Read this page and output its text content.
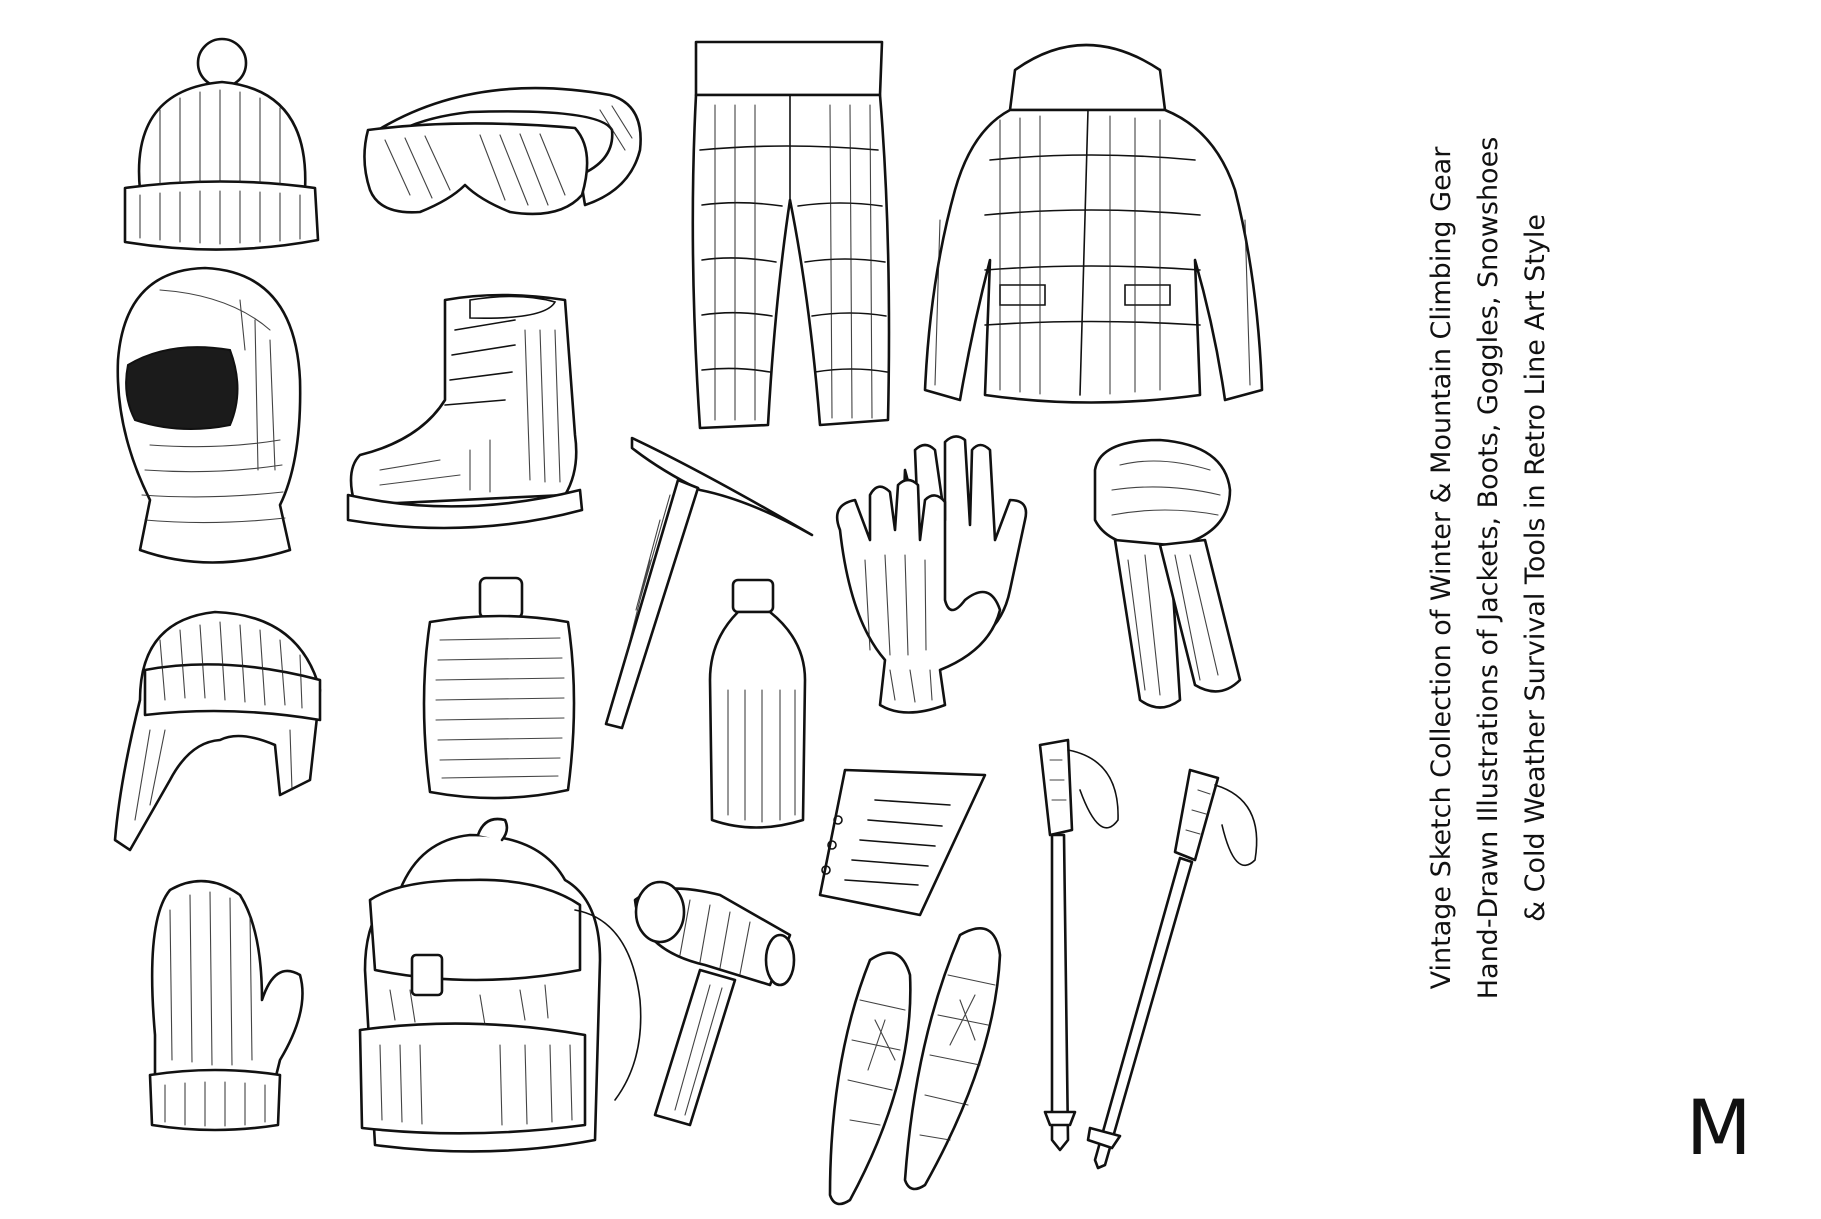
Vintage Sketch Collection of Winter & Mountain Climbing Gear Hand-Drawn Illustrations of Jackets, Boots, Goggles, Snowshoes & Cold Weather Survival Tools in Retro Line Art Style
M
